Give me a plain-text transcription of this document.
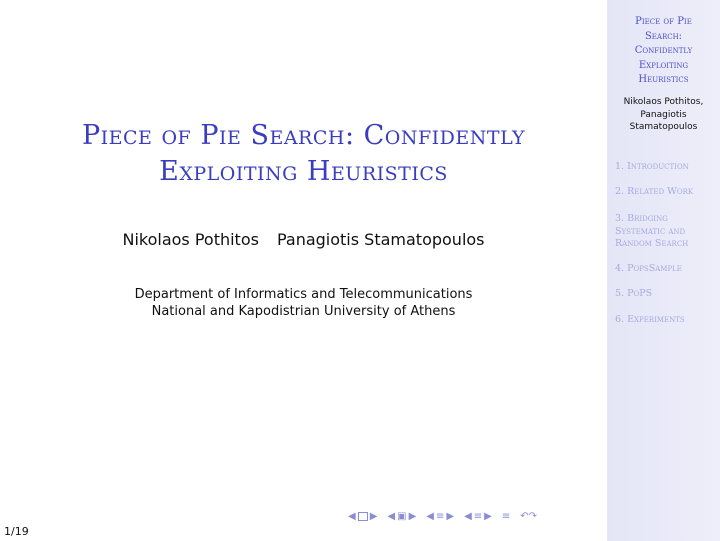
Piece of Pie Search: Confidently
Exploiting Heuristics
Nikolaos Pothitos Panagiotis Stamatopoulos
Department of Informatics and Telecommunications
National and Kapodistrian University of Athens
◀ ▶ ◀ ▣ ▶ ◀ ≡ ▶ ◀ ≡ ▶ ≡ ↶↷
1/19
Piece of Pie
Search:
Confidently
Exploiting
Heuristics
Nikolaos Pothitos,
Panagiotis
Stamatopoulos
1. Introduction
2. Related Work
3. Bridging
Systematic and
Random Search
4. PopsSample
5. PoPS
6. Experiments
